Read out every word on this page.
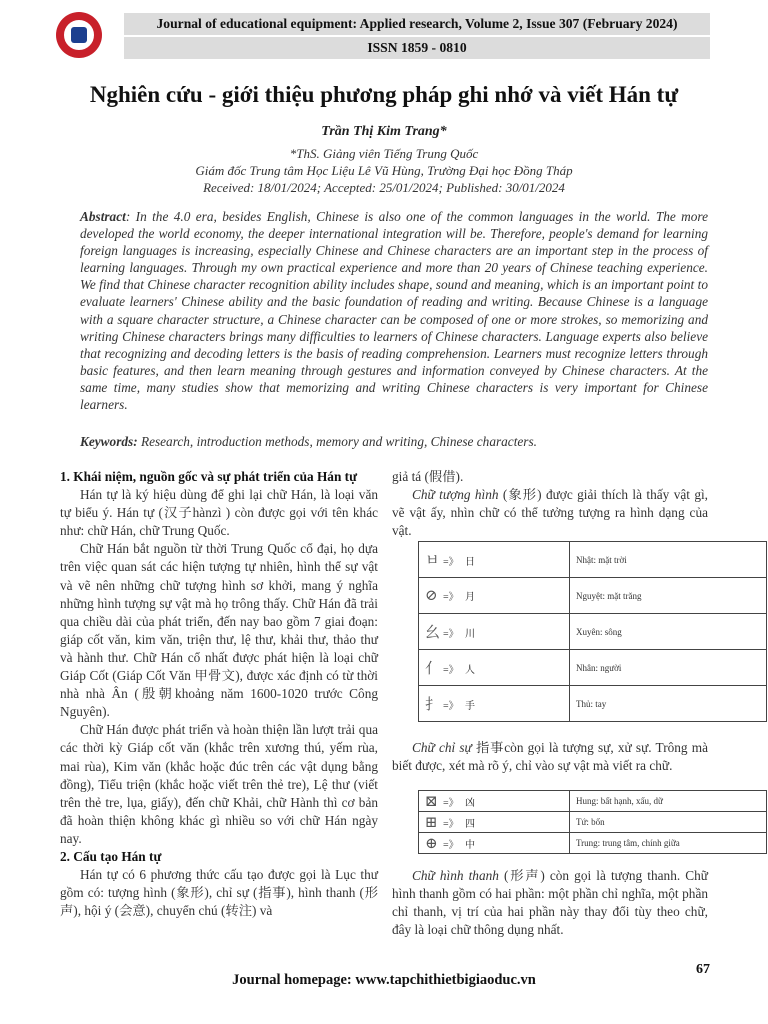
Journal of educational equipment: Applied research, Volume 2, Issue 307 (February 2024)
ISSN 1859 - 0810
Nghiên cứu - giới thiệu phương pháp ghi nhớ và viết Hán tự
Trần Thị Kim Trang*
*ThS. Giảng viên Tiếng Trung Quốc
Giám đốc Trung tâm Học Liệu Lê Vũ Hùng, Trường Đại học Đồng Tháp
Received: 18/01/2024; Accepted: 25/01/2024; Published: 30/01/2024
Abstract: In the 4.0 era, besides English, Chinese is also one of the common languages in the world. The more developed the world economy, the deeper international integration will be. Therefore, people's demand for learning foreign languages is increasing, especially Chinese and Chinese characters are an important step in the process of learning languages. Through my own practical experience and more than 20 years of Chinese teaching experience. We find that Chinese character recognition ability includes shape, sound and meaning, which is an important point to evaluate learners' Chinese ability and the basic foundation of reading and writing. Because Chinese is a language with a square character structure, a Chinese character can be composed of one or more strokes, so memorizing and writing Chinese characters brings many difficulties to learners of Chinese characters. Language experts also believe that recognizing and decoding letters is the basis of reading comprehension. Learners must recognize letters through basic features, and then learn meaning through gestures and information conveyed by Chinese characters. At the same time, many studies show that memorizing and writing Chinese characters is very important for Chinese learners.
Keywords: Research, introduction methods, memory and writing, Chinese characters.
1. Khái niệm, nguồn gốc và sự phát triển của Hán tự

Hán tự là ký hiệu dùng để ghi lại chữ Hán, là loại văn tự biểu ý. Hán tự (汉子hànzì ) còn được gọi với tên khác như: chữ Hán, chữ Trung Quốc.

Chữ Hán bắt nguồn từ thời Trung Quốc cổ đại, họ dựa trên việc quan sát các hiện tượng tự nhiên, hình thể sự vật và vẽ nên những chữ tượng hình sơ khởi, mang ý nghĩa những hình tượng sự vật mà họ trông thấy. Chữ Hán đã trải qua chiều dài của phát triển, đến nay bao gồm 7 giai đoạn: giáp cốt văn, kim văn, triện thư, lệ thư, khải thư, thảo thư và hành thư. Chữ Hán cổ nhất được phát hiện là loại chữ Giáp Cốt (Giáp Cốt Văn 甲骨文), được xác định có từ thời nhà nhà Ân (殷朝khoảng năm 1600-1020 trước Công Nguyên).

Chữ Hán được phát triển và hoàn thiện lần lượt trải qua các thời kỳ Giáp cốt văn (khắc trên xương thú, yếm rùa, mai rùa), Kim văn (khắc hoặc đúc trên các vật dụng bằng đồng), Tiểu triện (khắc hoặc viết trên thẻ tre), Lệ thư (viết trên thẻ tre, lụa, giấy), đến chữ Khải, chữ Hành thì cơ bản đã hoàn thiện không khác gì nhiều so với chữ Hán ngày nay.

2. Cấu tạo Hán tự

Hán tự có 6 phương thức cấu tạo được gọi là Lục thư gồm có: tượng hình (象形), chỉ sự (指事), hình thanh (形声), hội ý (会意), chuyển chú (转注) và

giả tá (假借).

Chữ tượng hình (象形) được giải thích là thấy vật gì, vẽ vật ấy, nhìn chữ có thể tưởng tượng ra hình dạng của vật.

ㅂ =》 日	Nhật: mặt trời
⊘ =》 月	Nguyệt: mặt trăng
⺓ =》 川	Xuyên: sông
⺅ =》 人	Nhân: người
⺘ =》 手	Thủ: tay

Chữ chỉ sự 指事còn gọi là tượng sự, xử sự. Trông mà biết được, xét mà rõ ý, chỉ vào sự vật mà viết ra chữ.

⊠ =》 凶	Hung: bất hạnh, xấu, dữ
⊞ =》 四	Tứ: bốn
⊕ =》 中	Trung: trung tâm, chính giữa

Chữ hình thanh (形声) còn gọi là tượng thanh. Chữ hình thanh gồm có hai phần: một phần chỉ nghĩa, một phần chỉ thanh, vị trí của hai phần này thay đổi tùy theo chữ, đây là loại chữ thông dụng nhất.

Journal homepage: www.tapchithietbigiaoduc.vn
67
